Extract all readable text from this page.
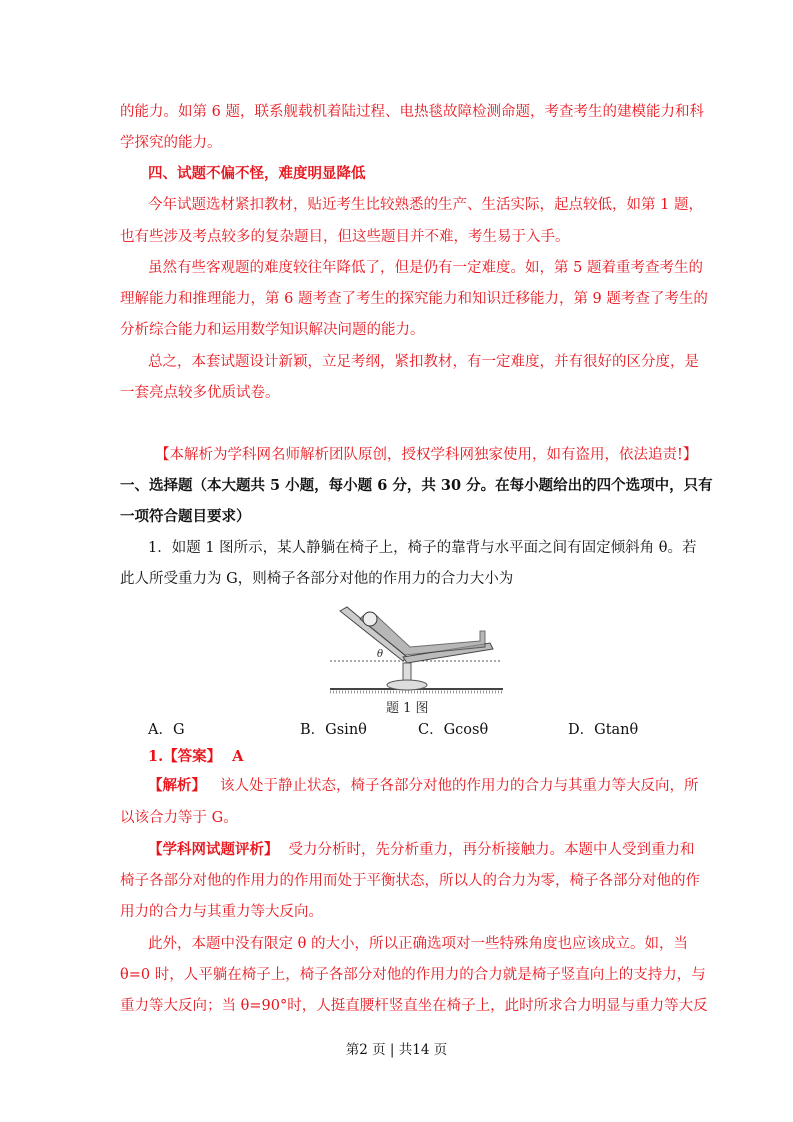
的能力。如第 6 题，联系舰载机着陆过程、电热毯故障检测命题，考查考生的建模能力和科
学探究的能力。
四、试题不偏不怪，难度明显降低
今年试题选材紧扣教材，贴近考生比较熟悉的生产、生活实际，起点较低，如第 1 题，
也有些涉及考点较多的复杂题目，但这些题目并不难，考生易于入手。
虽然有些客观题的难度较往年降低了，但是仍有一定难度。如，第 5 题着重考查考生的
理解能力和推理能力，第 6 题考查了考生的探究能力和知识迁移能力，第 9 题考查了考生的
分析综合能力和运用数学知识解决问题的能力。
总之，本套试题设计新颖，立足考纲，紧扣教材，有一定难度，并有很好的区分度，是
一套亮点较多优质试卷。
【本解析为学科网名师解析团队原创，授权学科网独家使用，如有盗用，依法追责!】
一、选择题（本大题共 5 小题，每小题 6 分，共 30 分。在每小题给出的四个选项中，只有
一项符合题目要求）
1．如题 1 图所示，某人静躺在椅子上，椅子的靠背与水平面之间有固定倾斜角 θ。若
此人所受重力为 G，则椅子各部分对他的作用力的合力大小为
θ
题 1 图
A．G	B．Gsinθ	C．Gcosθ	D．Gtanθ
1.【答案】 A
【解析】 该人处于静止状态，椅子各部分对他的作用力的合力与其重力等大反向，所
以该合力等于 G。
【学科网试题评析】 受力分析时，先分析重力，再分析接触力。本题中人受到重力和
椅子各部分对他的作用力的作用而处于平衡状态，所以人的合力为零，椅子各部分对他的作
用力的合力与其重力等大反向。
此外，本题中没有限定 θ 的大小，所以正确选项对一些特殊角度也应该成立。如，当
θ=0 时，人平躺在椅子上，椅子各部分对他的作用力的合力就是椅子竖直向上的支持力，与
重力等大反向；当 θ=90°时，人挺直腰杆竖直坐在椅子上，此时所求合力明显与重力等大反
第2 页 | 共14 页
